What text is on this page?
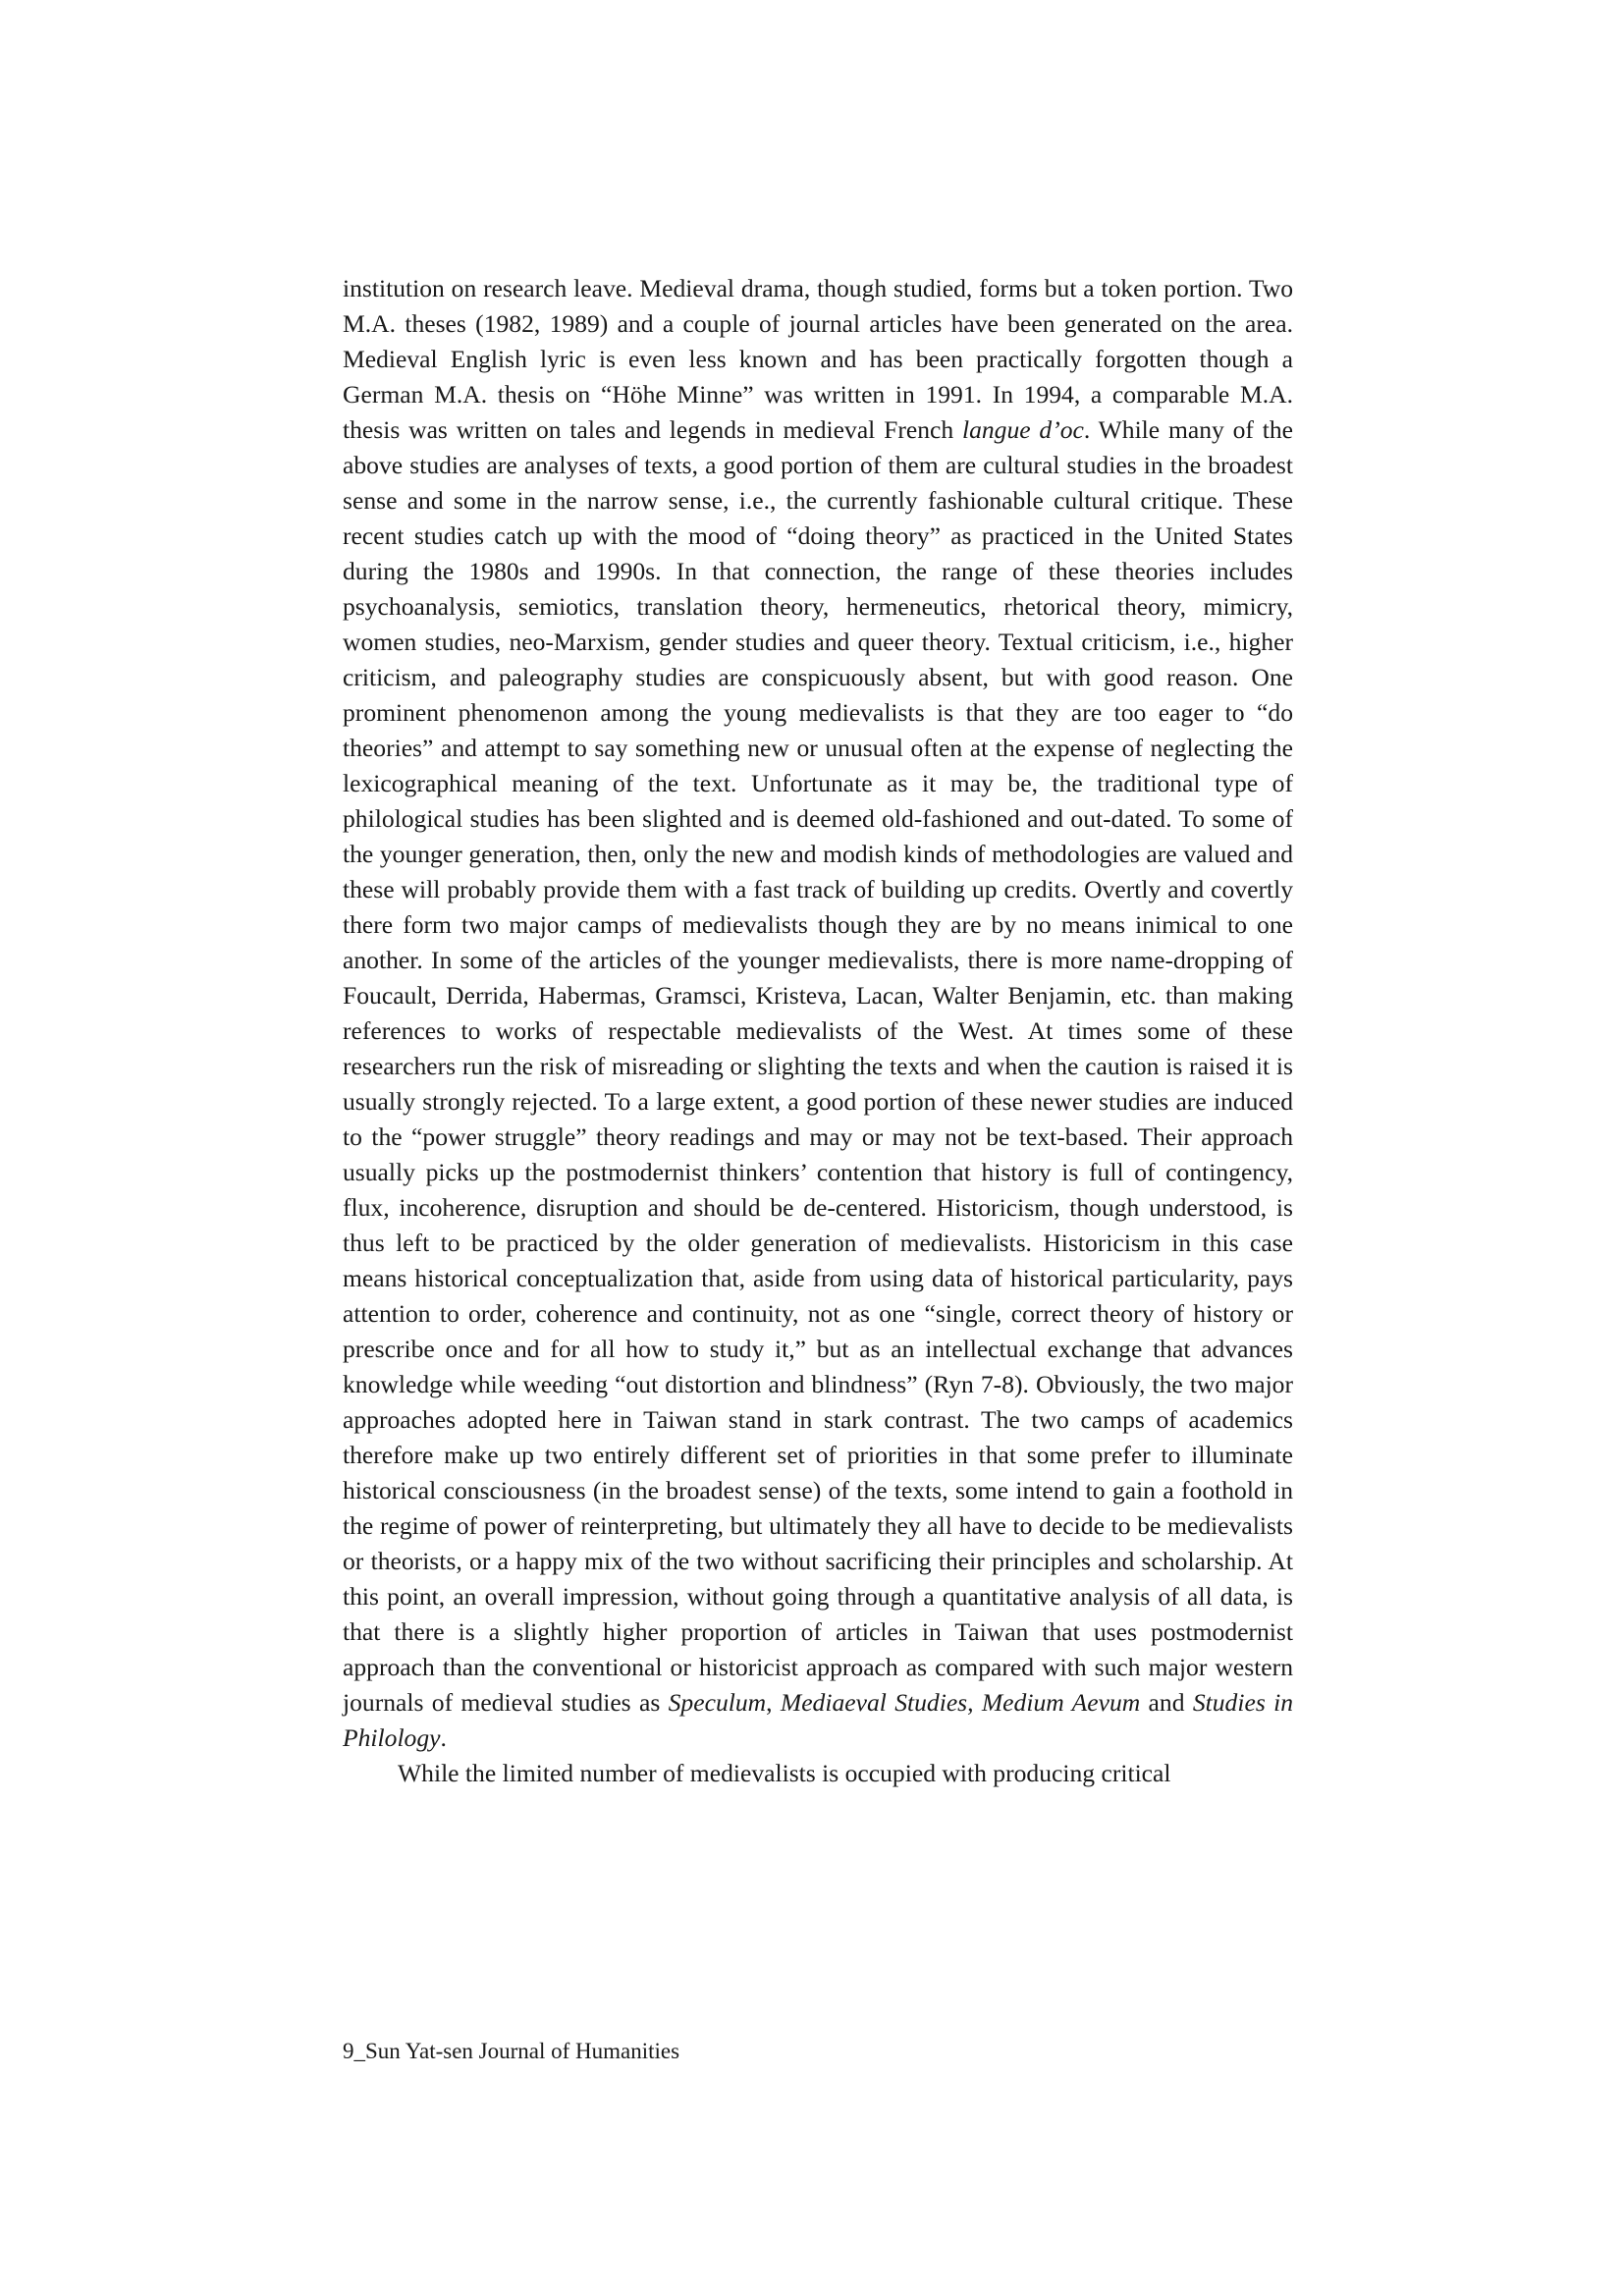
institution on research leave. Medieval drama, though studied, forms but a token portion. Two M.A. theses (1982, 1989) and a couple of journal articles have been generated on the area. Medieval English lyric is even less known and has been practically forgotten though a German M.A. thesis on “Höhe Minne” was written in 1991. In 1994, a comparable M.A. thesis was written on tales and legends in medieval French langue d’oc. While many of the above studies are analyses of texts, a good portion of them are cultural studies in the broadest sense and some in the narrow sense, i.e., the currently fashionable cultural critique. These recent studies catch up with the mood of “doing theory” as practiced in the United States during the 1980s and 1990s. In that connection, the range of these theories includes psychoanalysis, semiotics, translation theory, hermeneutics, rhetorical theory, mimicry, women studies, neo-Marxism, gender studies and queer theory. Textual criticism, i.e., higher criticism, and paleography studies are conspicuously absent, but with good reason. One prominent phenomenon among the young medievalists is that they are too eager to “do theories” and attempt to say something new or unusual often at the expense of neglecting the lexicographical meaning of the text. Unfortunate as it may be, the traditional type of philological studies has been slighted and is deemed old-fashioned and out-dated. To some of the younger generation, then, only the new and modish kinds of methodologies are valued and these will probably provide them with a fast track of building up credits. Overtly and covertly there form two major camps of medievalists though they are by no means inimical to one another. In some of the articles of the younger medievalists, there is more name-dropping of Foucault, Derrida, Habermas, Gramsci, Kristeva, Lacan, Walter Benjamin, etc. than making references to works of respectable medievalists of the West. At times some of these researchers run the risk of misreading or slighting the texts and when the caution is raised it is usually strongly rejected. To a large extent, a good portion of these newer studies are induced to the “power struggle” theory readings and may or may not be text-based. Their approach usually picks up the postmodernist thinkers’ contention that history is full of contingency, flux, incoherence, disruption and should be de-centered. Historicism, though understood, is thus left to be practiced by the older generation of medievalists. Historicism in this case means historical conceptualization that, aside from using data of historical particularity, pays attention to order, coherence and continuity, not as one “single, correct theory of history or prescribe once and for all how to study it,” but as an intellectual exchange that advances knowledge while weeding “out distortion and blindness” (Ryn 7-8). Obviously, the two major approaches adopted here in Taiwan stand in stark contrast. The two camps of academics therefore make up two entirely different set of priorities in that some prefer to illuminate historical consciousness (in the broadest sense) of the texts, some intend to gain a foothold in the regime of power of reinterpreting, but ultimately they all have to decide to be medievalists or theorists, or a happy mix of the two without sacrificing their principles and scholarship. At this point, an overall impression, without going through a quantitative analysis of all data, is that there is a slightly higher proportion of articles in Taiwan that uses postmodernist approach than the conventional or historicist approach as compared with such major western journals of medieval studies as Speculum, Mediaeval Studies, Medium Aevum and Studies in Philology.

While the limited number of medievalists is occupied with producing critical

9_Sun Yat-sen Journal of Humanities
